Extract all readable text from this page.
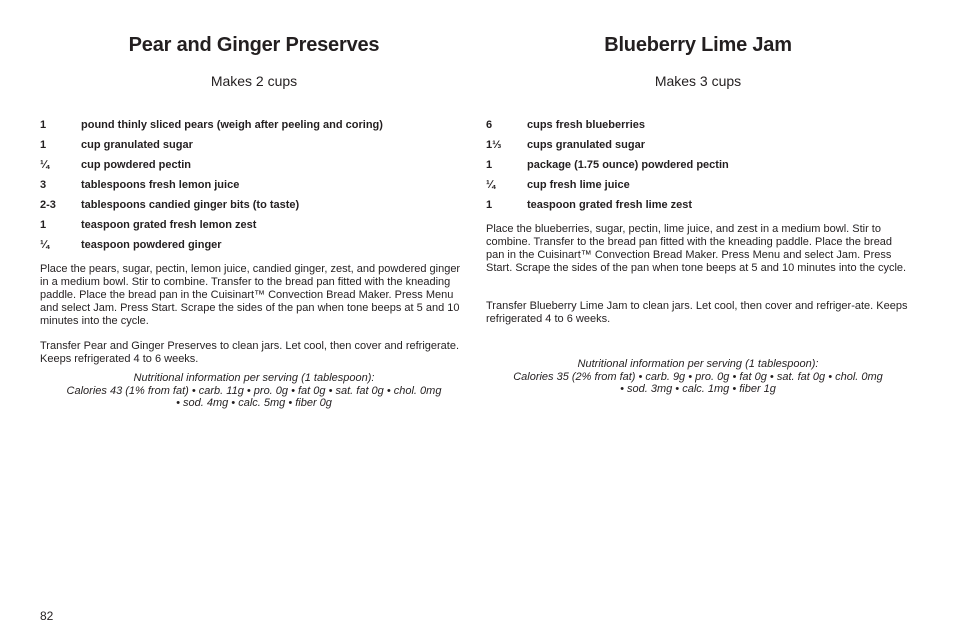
Pear and Ginger Preserves
Makes 2 cups
1	pound thinly sliced pears (weigh after peeling and coring)
1	cup granulated sugar
¼	cup powdered pectin
3	tablespoons fresh lemon juice
2-3 tablespoons candied ginger bits (to taste)
1	teaspoon grated fresh lemon zest
¼	teaspoon powdered ginger

Place the pears, sugar, pectin, lemon juice, candied ginger, zest, and powdered ginger in a medium bowl. Stir to combine. Transfer to the bread pan fitted with the kneading paddle. Place the bread pan in the Cuisinart™ Convection Bread Maker. Press Menu and select Jam. Press Start. Scrape the sides of the pan when tone beeps at 5 and 10 minutes into the cycle.

Transfer Pear and Ginger Preserves to clean jars. Let cool, then cover and refrigerate. Keeps refrigerated 4 to 6 weeks.

Nutritional information per serving (1 tablespoon):
Calories 43 (1% from fat) • carb. 11g • pro. 0g • fat 0g • sat. fat 0g • chol. 0mg
• sod. 4mg • calc. 5mg • fiber 0g
Blueberry Lime Jam
Makes 3 cups
6	cups fresh blueberries
1⅓ cups granulated sugar
1	package (1.75 ounce) powdered pectin
¼	cup fresh lime juice
1	teaspoon grated fresh lime zest

Place the blueberries, sugar, pectin, lime juice, and zest in a medium bowl. Stir to combine. Transfer to the bread pan fitted with the kneading paddle. Place the bread pan in the Cuisinart™ Convection Bread Maker. Press Menu and select Jam. Press Start. Scrape the sides of the pan when tone beeps at 5 and 10 minutes into the cycle.

Transfer Blueberry Lime Jam to clean jars. Let cool, then cover and refriger-ate. Keeps refrigerated 4 to 6 weeks.

Nutritional information per serving (1 tablespoon):
Calories 35 (2% from fat) • carb. 9g • pro. 0g • fat 0g • sat. fat 0g • chol. 0mg
• sod. 3mg • calc. 1mg • fiber 1g
82
